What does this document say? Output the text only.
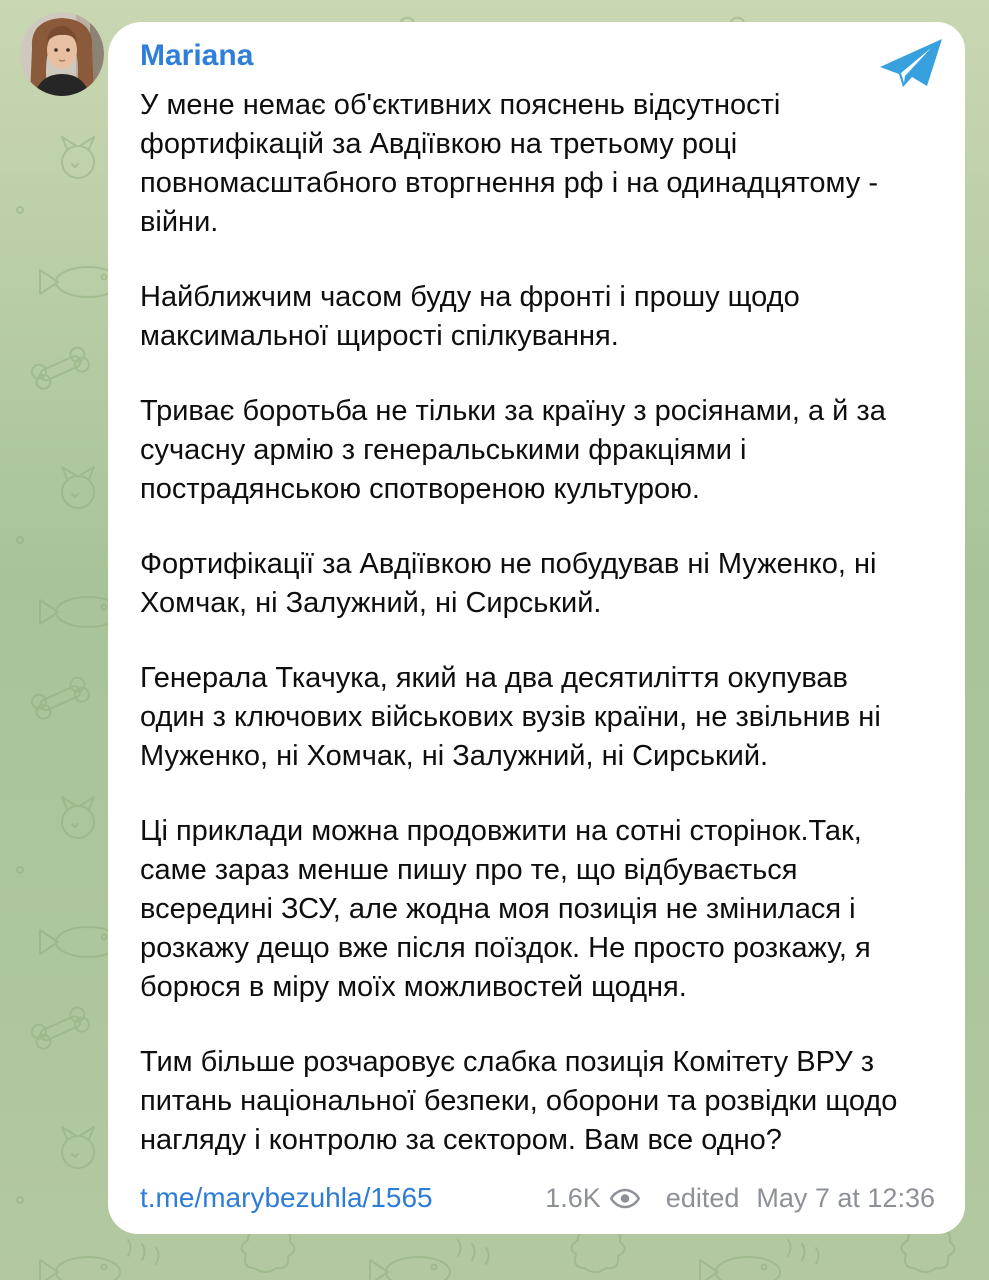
Mariana

У мене немає об'єктивних пояснень відсутності фортифікацій за Авдіївкою на третьому році повномасштабного вторгнення рф і на одинадцятому - війни.

Найближчим часом буду на фронті і прошу щодо максимальної щирості спілкування.

Триває боротьба не тільки за країну з росіянами, а й за сучасну армію з генеральськими фракціями і пострадянською спотвореною культурою.

Фортифікації за Авдіївкою не побудував ні Муженко, ні Хомчак, ні Залужний, ні Сирський.

Генерала Ткачука, який на два десятиліття окупував один з ключових військових вузів країни, не звільнив ні Муженко, ні Хомчак, ні Залужний, ні Сирський.

Ці приклади можна продовжити на сотні сторінок.Так, саме зараз менше пишу про те, що відбувається всередині ЗСУ, але жодна моя позиція не змінилася і розкажу дещо вже після поїздок. Не просто розкажу, я борюся в міру моїх можливостей щодня.

Тим більше розчаровує слабка позиція Комітету ВРУ з питань національної безпеки, оборони та розвідки щодо нагляду і контролю за сектором. Вам все одно?

t.me/marybezuhla/1565	1.6K edited May 7 at 12:36
